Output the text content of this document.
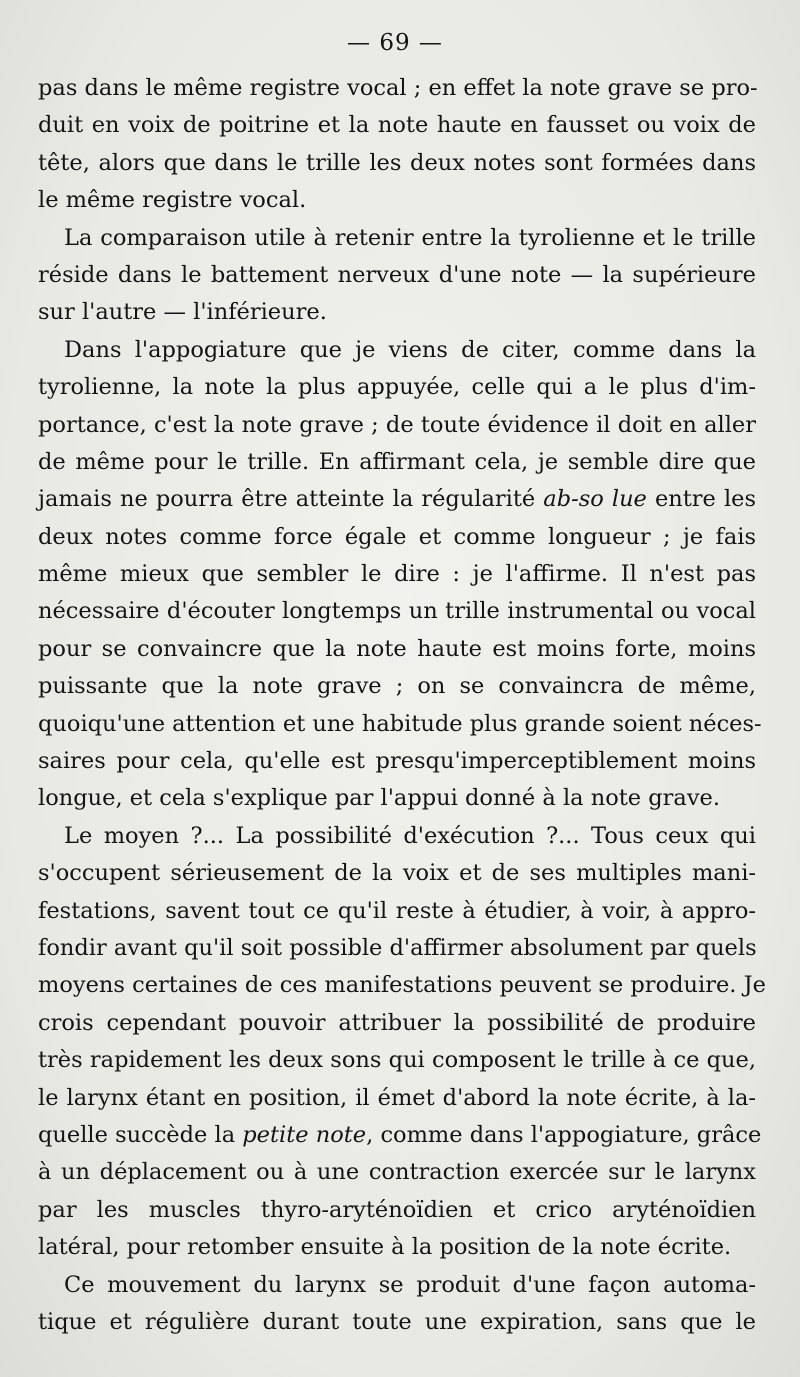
— 69 —
pas dans le même registre vocal ; en effet la note grave se pro-
duit en voix de poitrine et la note haute en fausset ou voix de
tête, alors que dans le trille les deux notes sont formées dans
le même registre vocal.
La comparaison utile à retenir entre la tyrolienne et le trille
réside dans le battement nerveux d'une note — la supérieure
sur l'autre — l'inférieure.
Dans l'appogiature que je viens de citer, comme dans la
tyrolienne, la note la plus appuyée, celle qui a le plus d'im-
portance, c'est la note grave ; de toute évidence il doit en aller
de même pour le trille. En affirmant cela, je semble dire que
jamais ne pourra être atteinte la régularité ab-so lue entre les
deux notes comme force égale et comme longueur ; je fais
même mieux que sembler le dire : je l'affirme. Il n'est pas
nécessaire d'écouter longtemps un trille instrumental ou vocal
pour se convaincre que la note haute est moins forte, moins
puissante que la note grave ; on se convaincra de même,
quoiqu'une attention et une habitude plus grande soient néces-
saires pour cela, qu'elle est presqu'imperceptiblement moins
longue, et cela s'explique par l'appui donné à la note grave.
Le moyen ?... La possibilité d'exécution ?... Tous ceux qui
s'occupent sérieusement de la voix et de ses multiples mani-
festations, savent tout ce qu'il reste à étudier, à voir, à appro-
fondir avant qu'il soit possible d'affirmer absolument par quels
moyens certaines de ces manifestations peuvent se produire. Je
crois cependant pouvoir attribuer la possibilité de produire
très rapidement les deux sons qui composent le trille à ce que,
le larynx étant en position, il émet d'abord la note écrite, à la-
quelle succède la petite note, comme dans l'appogiature, grâce
à un déplacement ou à une contraction exercée sur le larynx
par les muscles thyro-aryténoïdien et crico aryténoïdien
latéral, pour retomber ensuite à la position de la note écrite.
Ce mouvement du larynx se produit d'une façon automa-
tique et régulière durant toute une expiration, sans que le
